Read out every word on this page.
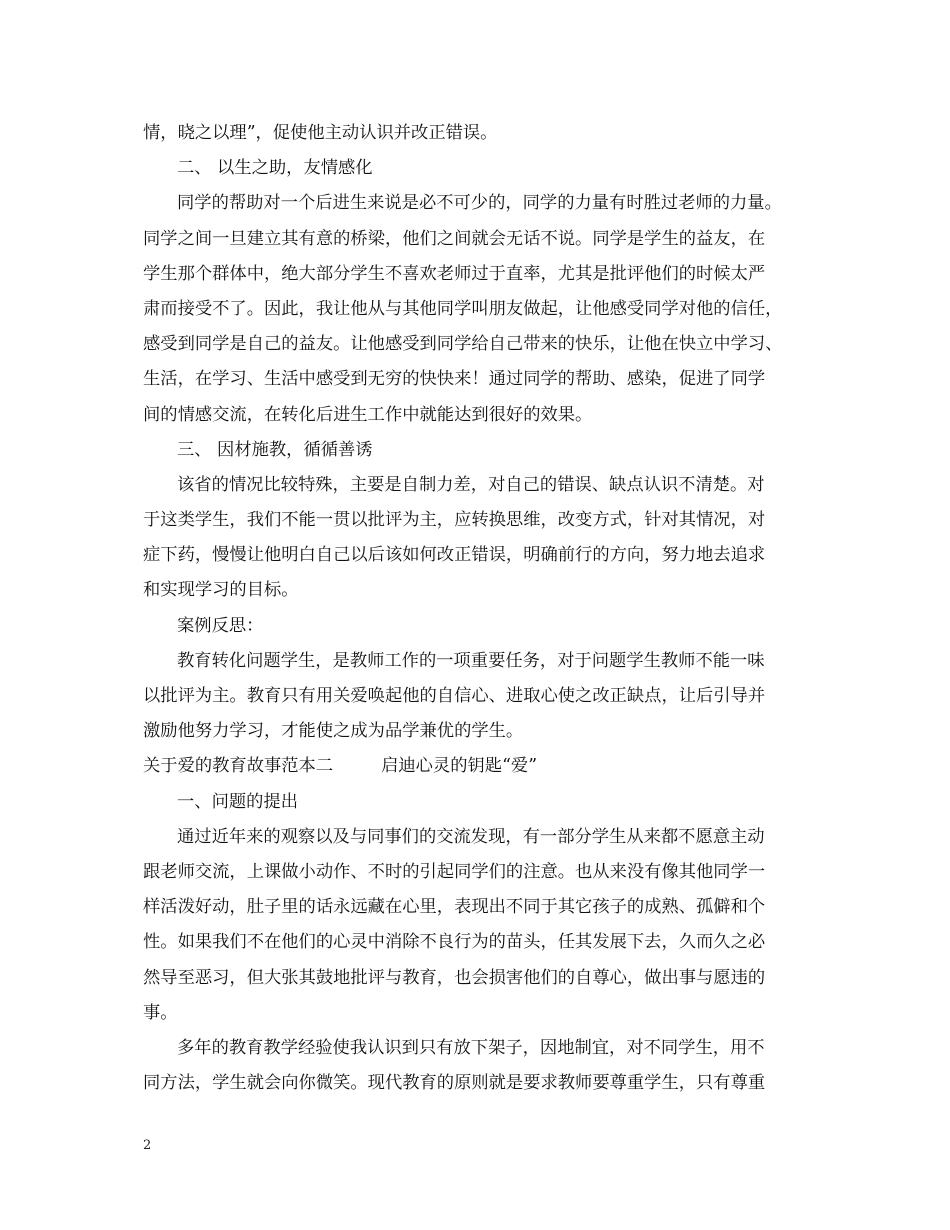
情，晓之以理”，促使他主动认识并改正错误。
二、 以生之助，友情感化
同学的帮助对一个后进生来说是必不可少的，同学的力量有时胜过老师的力量。
同学之间一旦建立其有意的桥梁，他们之间就会无话不说。同学是学生的益友，在
学生那个群体中，绝大部分学生不喜欢老师过于直率，尤其是批评他们的时候太严
肃而接受不了。因此，我让他从与其他同学叫朋友做起，让他感受同学对他的信任，
感受到同学是自己的益友。让他感受到同学给自己带来的快乐，让他在快立中学习、
生活，在学习、生活中感受到无穷的快快来！通过同学的帮助、感染，促进了同学
间的情感交流，在转化后进生工作中就能达到很好的效果。
三、 因材施教，循循善诱
该省的情况比较特殊，主要是自制力差，对自己的错误、缺点认识不清楚。对
于这类学生，我们不能一贯以批评为主，应转换思维，改变方式，针对其情况，对
症下药，慢慢让他明白自己以后该如何改正错误，明确前行的方向，努力地去追求
和实现学习的目标。
案例反思：
教育转化问题学生，是教师工作的一项重要任务，对于问题学生教师不能一味
以批评为主。教育只有用关爱唤起他的自信心、进取心使之改正缺点，让后引导并
激励他努力学习，才能使之成为品学兼优的学生。
关于爱的教育故事范本二	启迪心灵的钥匙“爱”
一、问题的提出
通过近年来的观察以及与同事们的交流发现，有一部分学生从来都不愿意主动
跟老师交流，上课做小动作、不时的引起同学们的注意。也从来没有像其他同学一
样活泼好动，肚子里的话永远藏在心里，表现出不同于其它孩子的成熟、孤僻和个
性。如果我们不在他们的心灵中消除不良行为的苗头，任其发展下去，久而久之必
然导至恶习，但大张其鼓地批评与教育，也会损害他们的自尊心，做出事与愿违的
事。
多年的教育教学经验使我认识到只有放下架子，因地制宜，对不同学生，用不
同方法，学生就会向你微笑。现代教育的原则就是要求教师要尊重学生，只有尊重
2
